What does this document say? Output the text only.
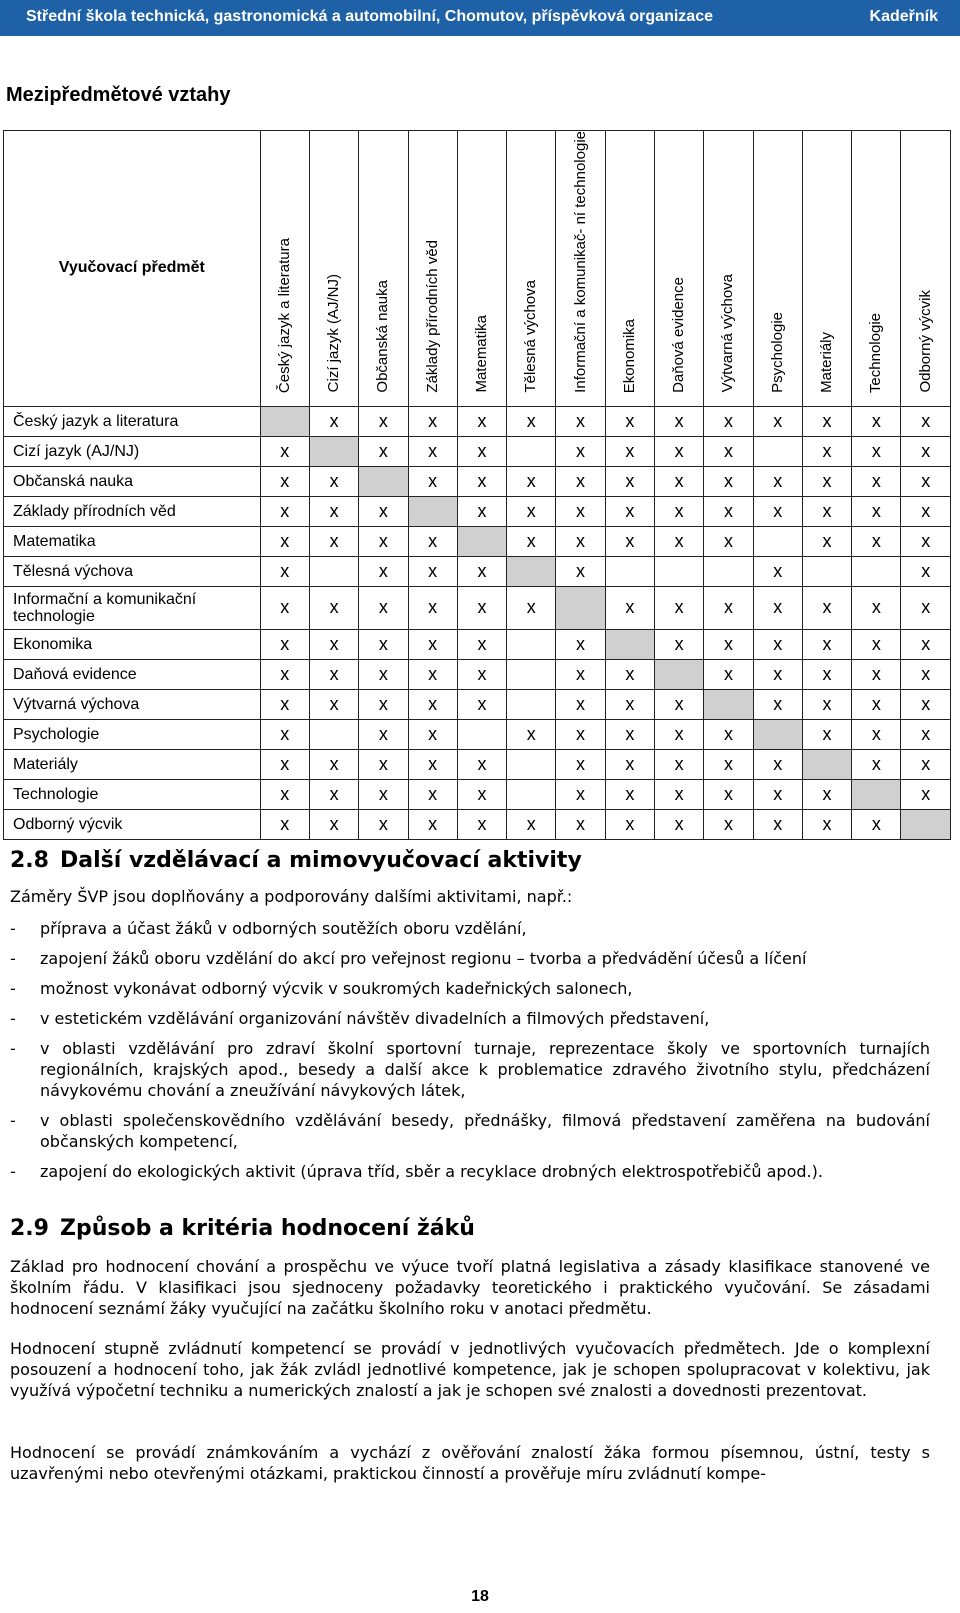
Střední škola technická, gastronomická a automobilní, Chomutov, příspěvková organizace	Kadeřník
Mezipředmětové vztahy
Vyučovací předmět	Český jazyk a literatura	Cizí jazyk (AJ/NJ)	Občanská nauka	Základy přírodních věd	Matematika	Tělesná výchova	Informační a komunikač- ní technologie	Ekonomika	Daňová evidence	Výtvarná výchova	Psychologie	Materiály	Technologie	Odborný výcvik
Český jazyk a literatura		x	x	x	x	x	x	x	x	x	x	x	x	x
Cizí jazyk (AJ/NJ)	x		x	x	x		x	x	x	x		x	x	x
Občanská nauka	x	x		x	x	x	x	x	x	x	x	x	x	x
Základy přírodních věd	x	x	x		x	x	x	x	x	x	x	x	x	x
Matematika	x	x	x	x		x	x	x	x	x		x	x	x
Tělesná výchova	x		x	x	x		x				x			x
Informační a komunikační technologie	x	x	x	x	x	x		x	x	x	x	x	x	x
Ekonomika	x	x	x	x	x		x		x	x	x	x	x	x
Daňová evidence	x	x	x	x	x		x	x		x	x	x	x	x
Výtvarná výchova	x	x	x	x	x		x	x	x		x	x	x	x
Psychologie	x		x	x		x	x	x	x	x		x	x	x
Materiály	x	x	x	x	x		x	x	x	x	x		x	x
Technologie	x	x	x	x	x		x	x	x	x	x	x		x
Odborný výcvik	x	x	x	x	x	x	x	x	x	x	x	x	x	
2.8 Další vzdělávací a mimovyučovací aktivity
Záměry ŠVP jsou doplňovány a podporovány dalšími aktivitami, např.:
- příprava a účast žáků v odborných soutěžích oboru vzdělání,
- zapojení žáků oboru vzdělání do akcí pro veřejnost regionu – tvorba a předvádění účesů a líčení
- možnost vykonávat odborný výcvik v soukromých kadeřnických salonech,
- v estetickém vzdělávání organizování návštěv divadelních a filmových představení,
- v oblasti vzdělávání pro zdraví školní sportovní turnaje, reprezentace školy ve sportovních turnajích regionálních, krajských apod., besedy a další akce k problematice zdravého životního stylu, předcházení návykovému chování a zneužívání návykových látek,
- v oblasti společenskovědního vzdělávání besedy, přednášky, filmová představení zaměřena na budování občanských kompetencí,
- zapojení do ekologických aktivit (úprava tříd, sběr a recyklace drobných elektrospotřebičů apod.).
2.9 Způsob a kritéria hodnocení žáků
Základ pro hodnocení chování a prospěchu ve výuce tvoří platná legislativa a zásady klasifikace stanovené ve školním řádu. V klasifikaci jsou sjednoceny požadavky teoretického i praktického vyučování. Se zásadami hodnocení seznámí žáky vyučující na začátku školního roku v anotaci předmětu.
Hodnocení stupně zvládnutí kompetencí se provádí v jednotlivých vyučovacích předmětech. Jde o komplexní posouzení a hodnocení toho, jak žák zvládl jednotlivé kompetence, jak je schopen spolupracovat v kolektivu, jak využívá výpočetní techniku a numerických znalostí a jak je schopen své znalosti a dovednosti prezentovat.
Hodnocení se provádí známkováním a vychází z ověřování znalostí žáka formou písemnou, ústní, testy s uzavřenými nebo otevřenými otázkami, praktickou činností a prověřuje míru zvládnutí kompe-
18
